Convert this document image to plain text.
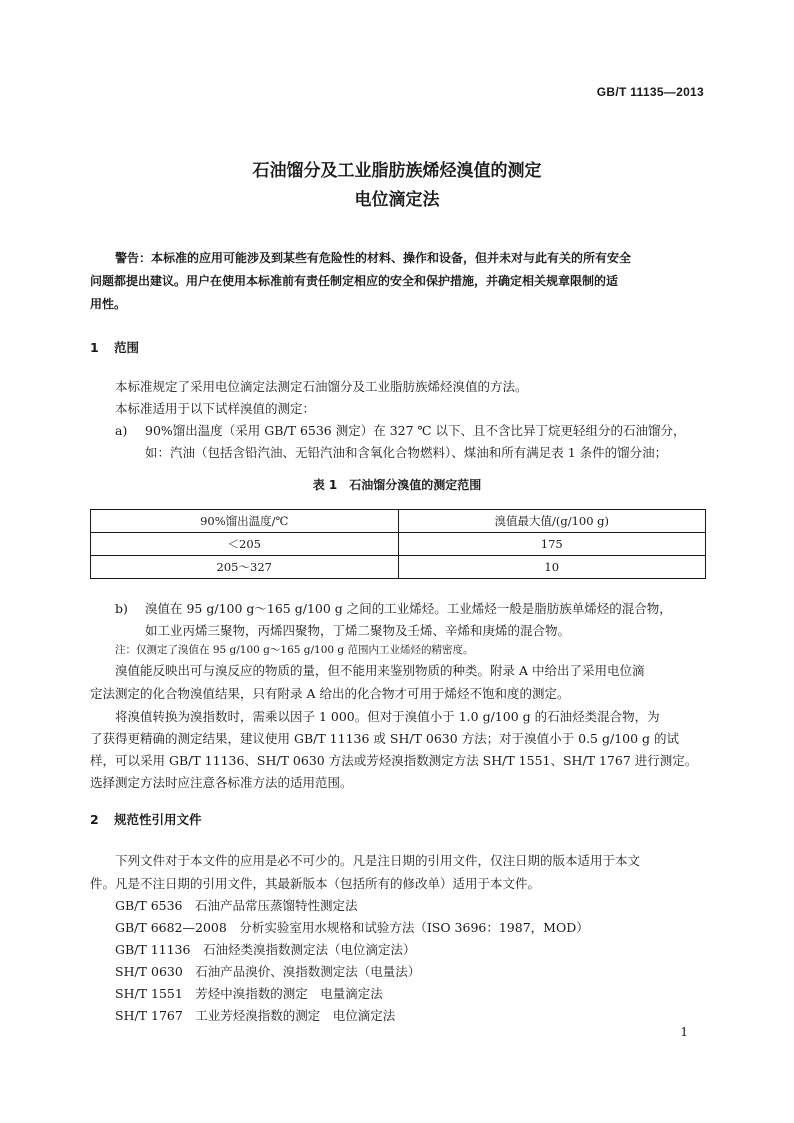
GB/T 11135—2013
石油馏分及工业脂肪族烯烃溴值的测定
电位滴定法
警告：本标准的应用可能涉及到某些有危险性的材料、操作和设备，但并未对与此有关的所有安全
问题都提出建议。用户在使用本标准前有责任制定相应的安全和保护措施，并确定相关规章限制的适
用性。
1 范围
本标准规定了采用电位滴定法测定石油馏分及工业脂肪族烯烃溴值的方法。
本标准适用于以下试样溴值的测定：
a) 90%馏出温度（采用 GB/T 6536 测定）在 327 ℃ 以下、且不含比异丁烷更轻组分的石油馏分，
如：汽油（包括含铅汽油、无铅汽油和含氧化合物燃料）、煤油和所有满足表 1 条件的馏分油；
表 1　石油馏分溴值的测定范围
90%馏出温度/℃	溴值最大值/(g/100 g)
＜205	175
205～327	10
b) 溴值在 95 g/100 g～165 g/100 g 之间的工业烯烃。工业烯烃一般是脂肪族单烯烃的混合物，
如工业丙烯三聚物，丙烯四聚物，丁烯二聚物及壬烯、辛烯和庚烯的混合物。
注：仅测定了溴值在 95 g/100 g～165 g/100 g 范围内工业烯烃的精密度。
溴值能反映出可与溴反应的物质的量，但不能用来鉴别物质的种类。附录 A 中给出了采用电位滴
定法测定的化合物溴值结果，只有附录 A 给出的化合物才可用于烯烃不饱和度的测定。
将溴值转换为溴指数时，需乘以因子 1 000。但对于溴值小于 1.0 g/100 g 的石油烃类混合物，为
了获得更精确的测定结果，建议使用 GB/T 11136 或 SH/T 0630 方法；对于溴值小于 0.5 g/100 g 的试
样，可以采用 GB/T 11136、SH/T 0630 方法或芳烃溴指数测定方法 SH/T 1551、SH/T 1767 进行测定。
选择测定方法时应注意各标准方法的适用范围。
2 规范性引用文件
下列文件对于本文件的应用是必不可少的。凡是注日期的引用文件，仅注日期的版本适用于本文
件。凡是不注日期的引用文件，其最新版本（包括所有的修改单）适用于本文件。
GB/T 6536　石油产品常压蒸馏特性测定法
GB/T 6682—2008　分析实验室用水规格和试验方法（ISO 3696：1987，MOD）
GB/T 11136　石油烃类溴指数测定法（电位滴定法）
SH/T 0630　石油产品溴价、溴指数测定法（电量法）
SH/T 1551　芳烃中溴指数的测定　电量滴定法
SH/T 1767　工业芳烃溴指数的测定　电位滴定法
1
